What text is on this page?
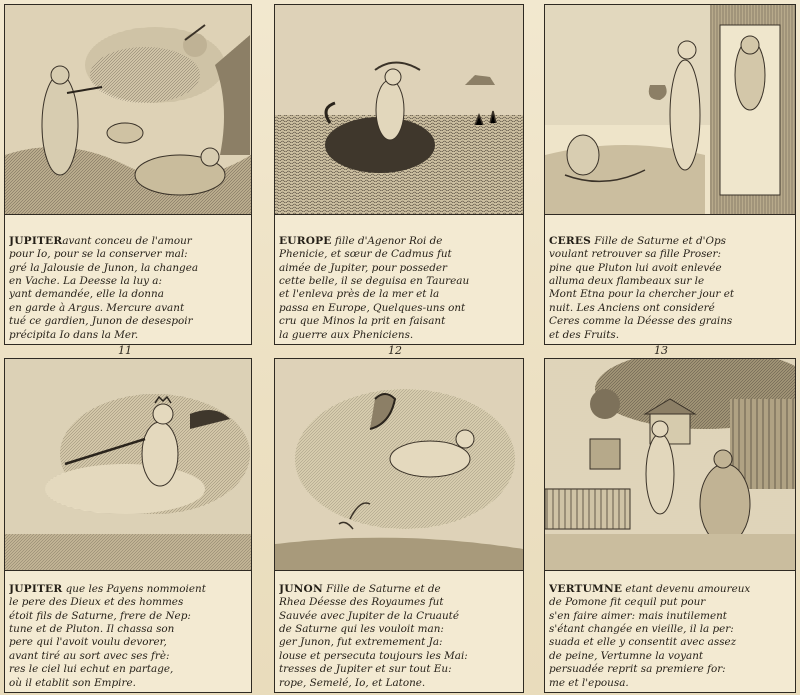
JUPITERavant conceu de l'amour
pour Io, pour se la conserver mal:
gré la Jalousie de Junon, la changea
en Vache. La Deesse la luy a:
yant demandée, elle la donna
en garde à Argus. Mercure avant
tué ce gardien, Junon de desespoir
précipita Io dans la Mer.
EUROPE fille d'Agenor Roi de
Phenicie, et sœur de Cadmus fut
aimée de Jupiter, pour posseder
cette belle, il se deguisa en Taureau
et l'enleva près de la mer et la
passa en Europe, Quelques-uns ont
cru que Minos la prit en faisant
la guerre aux Pheniciens.
CERES Fille de Saturne et d'Ops
voulant retrouver sa fille Proser:
pine que Pluton lui avoit enlevée
alluma deux flambeaux sur le
Mont Etna pour la chercher jour et
nuit. Les Anciens ont consideré
Ceres comme la Déesse des grains
et des Fruits.
11	12	13
JUPITER que les Payens nommoient
le pere des Dieux et des hommes
étoit fils de Saturne, frere de Nep:
tune et de Pluton. Il chassa son
pere qui l'avoit voulu devorer,
avant tiré au sort avec ses frè:
res le ciel lui echut en partage,
où il etablit son Empire.
JUNON Fille de Saturne et de
Rhea Déesse des Royaumes fut
Sauvée avec Jupiter de la Cruauté
de Saturne qui les vouloit man:
ger Junon, fut extremement Ja:
louse et persecuta toujours les Mai:
tresses de Jupiter et sur tout Eu:
rope, Semelé, Io, et Latone.
VERTUMNE etant devenu amoureux
de Pomone fit cequil put pour
s'en faire aimer: mais inutilement
s'étant changée en vieille, il la per:
suada et elle y consentit avec assez
de peine, Vertumne la voyant
persuadée reprit sa premiere for:
me et l'epousa.
